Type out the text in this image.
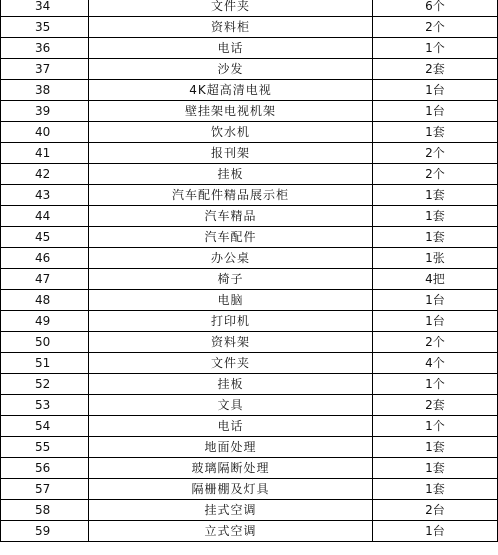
34	文件夹	6个
35	资料柜	2个
36	电话	1个
37	沙发	2套
38	4K超高清电视	1台
39	壁挂架电视机架	1台
40	饮水机	1套
41	报刊架	2个
42	挂板	2个
43	汽车配件精品展示柜	1套
44	汽车精品	1套
45	汽车配件	1套
46	办公桌	1张
47	椅子	4把
48	电脑	1台
49	打印机	1台
50	资料架	2个
51	文件夹	4个
52	挂板	1个
53	文具	2套
54	电话	1个
55	地面处理	1套
56	玻璃隔断处理	1套
57	隔栅棚及灯具	1套
58	挂式空调	2台
59	立式空调	1台
